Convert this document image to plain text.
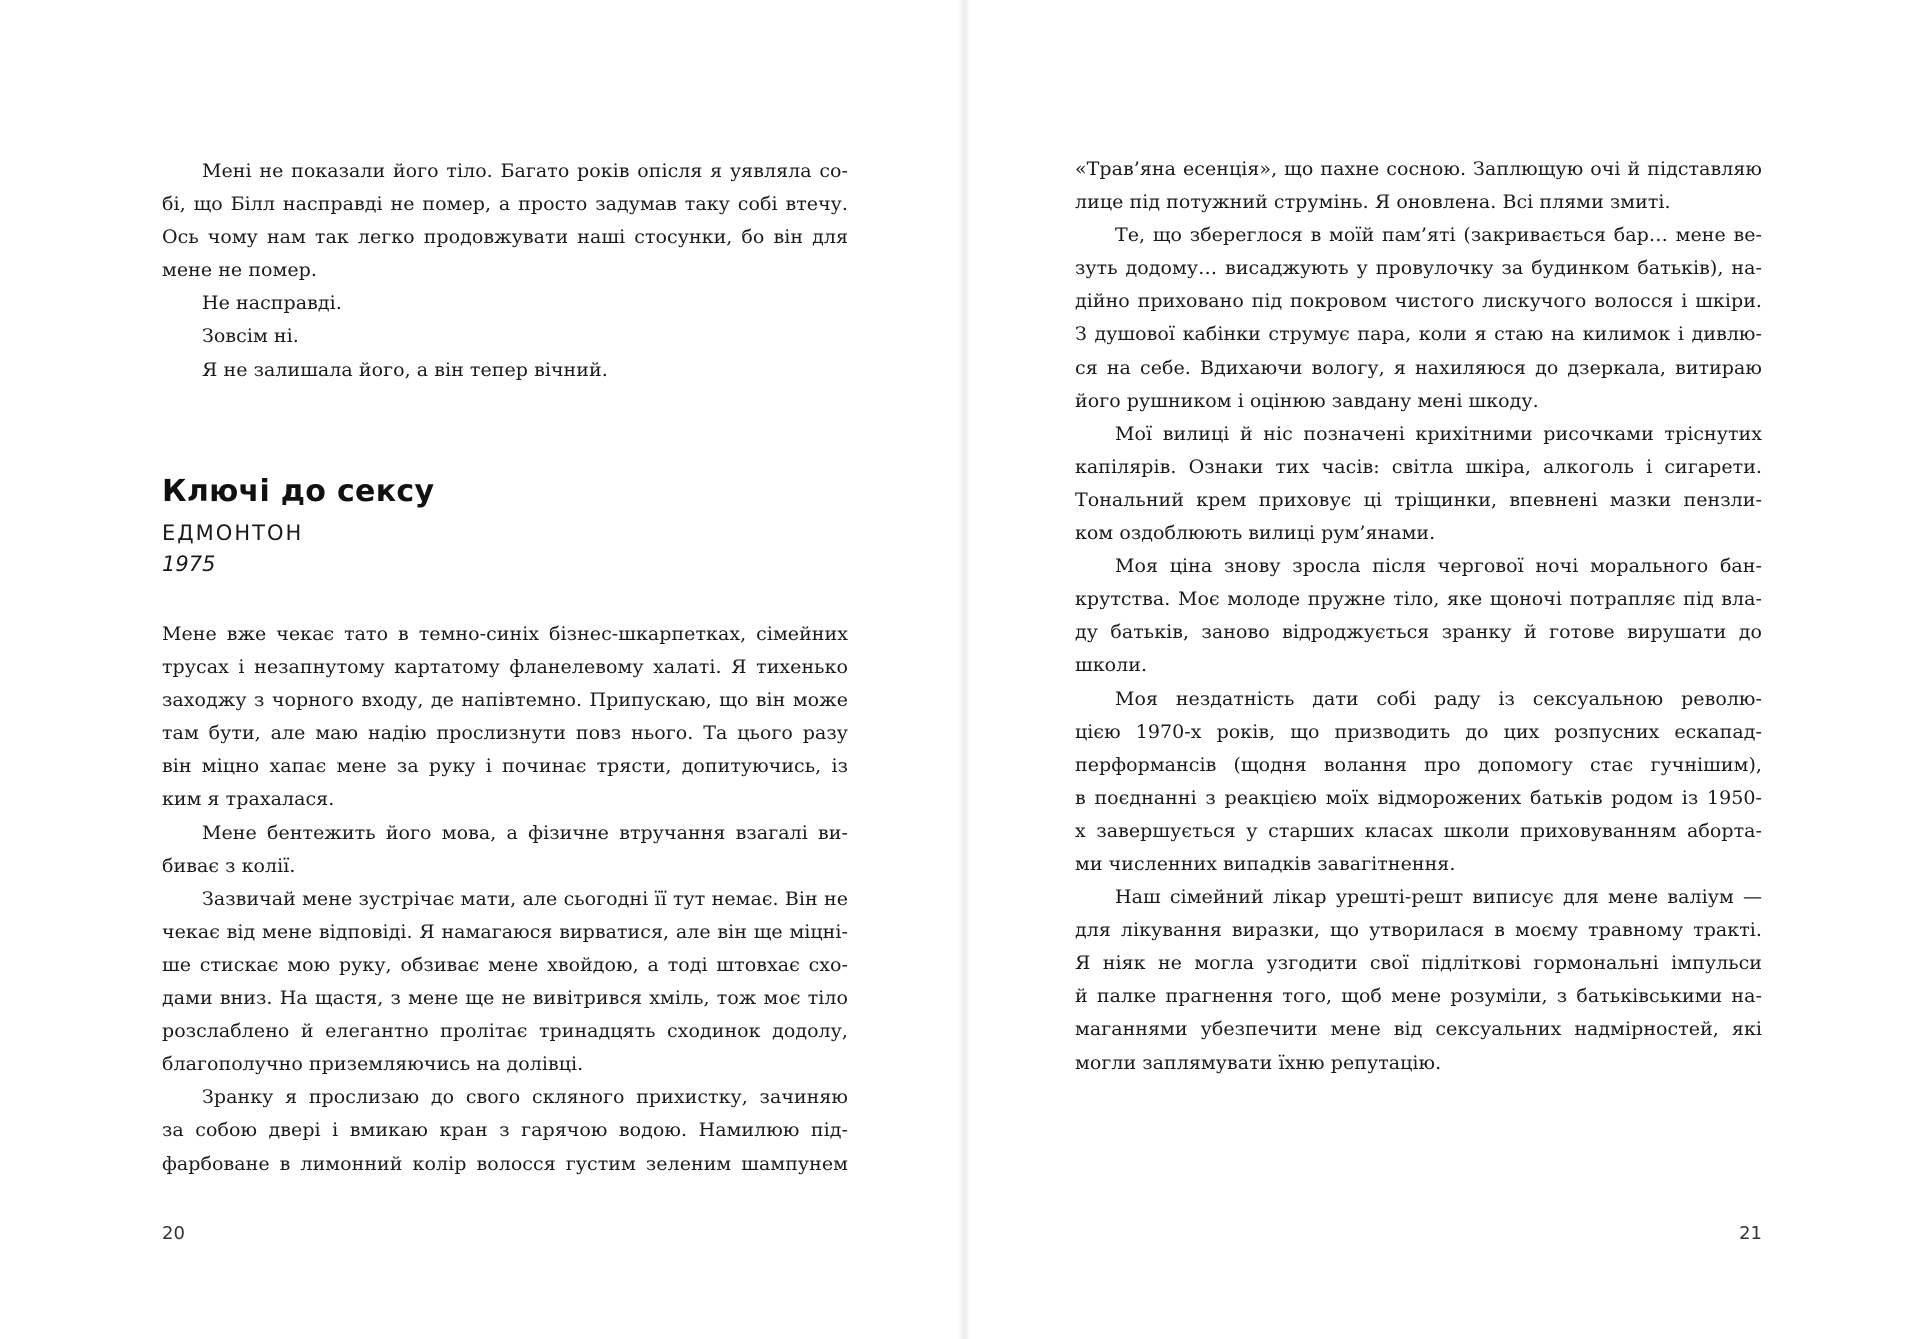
Мені не показали його тіло. Багато років опісля я уявляла со-
бі, що Білл насправді не помер, а просто задумав таку собі втечу.
Ось чому нам так легко продовжувати наші стосунки, бо він для
мене не помер.
Не насправді.
Зовсім ні.
Я не залишала його, а він тепер вічний.
Ключі до сексу
ЕДМОНТОН
1975
Мене вже чекає тато в темно-синіх бізнес-шкарпетках, сімейних
трусах і незапнутому картатому фланелевому халаті. Я тихенько
заходжу з чорного входу, де напівтемно. Припускаю, що він може
там бути, але маю надію прослизнути повз нього. Та цього разу
він міцно хапає мене за руку і починає трясти, допитуючись, із
ким я трахалася.
Мене бентежить його мова, а фізичне втручання взагалі ви-
биває з колії.
Зазвичай мене зустрічає мати, але сьогодні її тут немає. Він не
чекає від мене відповіді. Я намагаюся вирватися, але він ще міцні-
ше стискає мою руку, обзиває мене хвойдою, а тоді штовхає схо-
дами вниз. На щастя, з мене ще не вивітрився хміль, тож моє тіло
розслаблено й елегантно пролітає тринадцять сходинок додолу,
благополучно приземляючись на долівці.
Зранку я прослизаю до свого скляного прихистку, зачиняю
за собою двері і вмикаю кран з гарячою водою. Намилюю під-
фарбоване в лимонний колір волосся густим зеленим шампунем
20
«Трав’яна есенція», що пахне сосною. Заплющую очі й підставляю
лице під потужний струмінь. Я оновлена. Всі плями змиті.
Те, що збереглося в моїй пам’яті (закривається бар… мене ве-
зуть додому… висаджують у провулочку за будинком батьків), на-
дійно приховано під покровом чистого лискучого волосся і шкіри.
З душової кабінки струмує пара, коли я стаю на килимок і дивлю-
ся на себе. Вдихаючи вологу, я нахиляюся до дзеркала, витираю
його рушником і оцінюю завдану мені шкоду.
Мої вилиці й ніс позначені крихітними рисочками тріснутих
капілярів. Ознаки тих часів: світла шкіра, алкоголь і сигарети.
Тональний крем приховує ці тріщинки, впевнені мазки пензли-
ком оздоблюють вилиці рум’янами.
Моя ціна знову зросла після чергової ночі морального бан-
крутства. Моє молоде пружне тіло, яке щоночі потрапляє під вла-
ду батьків, заново відроджується зранку й готове вирушати до
школи.
Моя нездатність дати собі раду із сексуальною револю-
цією 1970-х років, що призводить до цих розпусних ескапад-
перформансів (щодня волання про допомогу стає гучнішим),
в поєднанні з реакцією моїх відморожених батьків родом із 1950-
х завершується у старших класах школи приховуванням аборта-
ми численних випадків завагітнення.
Наш сімейний лікар урешті-решт виписує для мене валіум —
для лікування виразки, що утворилася в моєму травному тракті.
Я ніяк не могла узгодити свої підліткові гормональні імпульси
й палке прагнення того, щоб мене розуміли, з батьківськими на-
маганнями убезпечити мене від сексуальних надмірностей, які
могли заплямувати їхню репутацію.
21
